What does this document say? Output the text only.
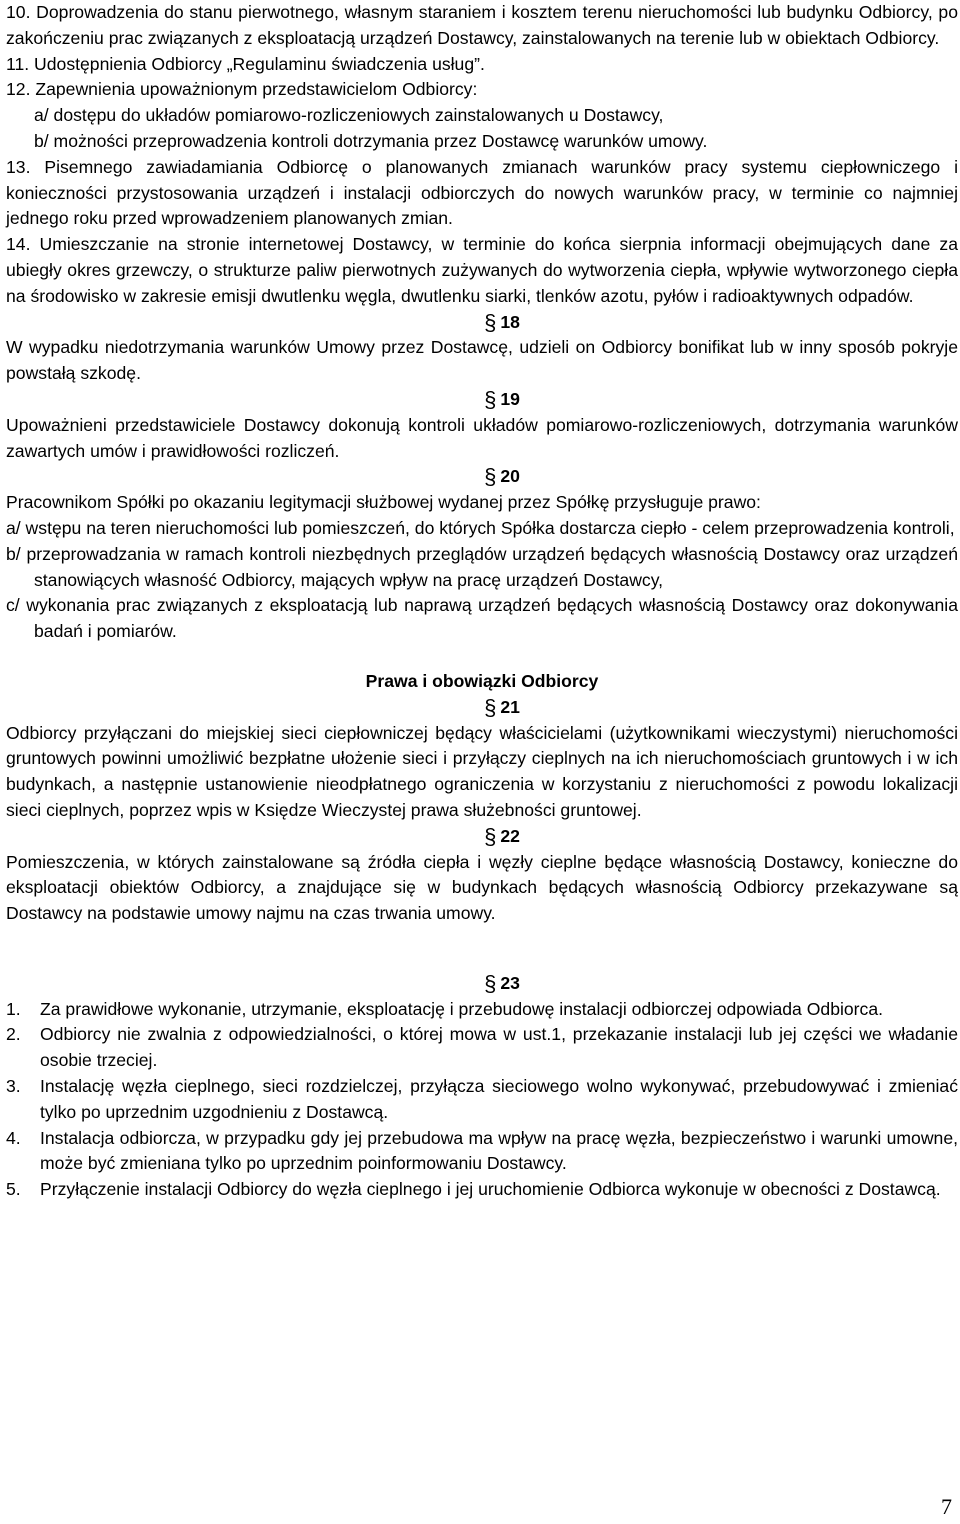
10. Doprowadzenia do stanu pierwotnego, własnym staraniem i kosztem terenu nieruchomości lub budynku Odbiorcy, po zakończeniu prac związanych z eksploatacją urządzeń Dostawcy, zainstalowanych na terenie lub w obiektach Odbiorcy.

11. Udostępnienia Odbiorcy „Regulaminu świadczenia usług”.

12. Zapewnienia upoważnionym przedstawicielom Odbiorcy:

a/ dostępu do układów pomiarowo-rozliczeniowych zainstalowanych u Dostawcy,

b/ możności przeprowadzenia kontroli dotrzymania przez Dostawcę warunków umowy.

13. Pisemnego zawiadamiania Odbiorcę o planowanych zmianach warunków pracy systemu ciepłowniczego i konieczności przystosowania urządzeń i instalacji odbiorczych do nowych warunków pracy, w terminie co najmniej jednego roku przed wprowadzeniem planowanych zmian.

14. Umieszczanie na stronie internetowej Dostawcy, w terminie do końca sierpnia informacji obejmujących dane za ubiegły okres grzewczy, o strukturze paliw pierwotnych zużywanych do wytworzenia ciepła, wpływie wytworzonego ciepła na środowisko w zakresie emisji dwutlenku węgla, dwutlenku siarki, tlenków azotu, pyłów i radioaktywnych odpadów.

§ 18

W wypadku niedotrzymania warunków Umowy przez Dostawcę, udzieli on Odbiorcy bonifikat lub w inny sposób pokryje powstałą szkodę.

§ 19

Upoważnieni przedstawiciele Dostawcy dokonują kontroli układów pomiarowo-rozliczeniowych, dotrzymania warunków zawartych umów i prawidłowości rozliczeń.

§ 20

Pracownikom Spółki po okazaniu legitymacji służbowej wydanej przez Spółkę przysługuje prawo:

a/ wstępu na teren nieruchomości lub pomieszczeń, do których Spółka dostarcza ciepło - celem przeprowadzenia kontroli,

b/ przeprowadzania w ramach kontroli niezbędnych przeglądów urządzeń będących własnością Dostawcy oraz urządzeń stanowiących własność Odbiorcy, mających wpływ na pracę urządzeń Dostawcy,

c/ wykonania prac związanych z eksploatacją lub naprawą urządzeń będących własnością Dostawcy oraz dokonywania badań i pomiarów.

Prawa i obowiązki Odbiorcy

§ 21

Odbiorcy przyłączani do miejskiej sieci ciepłowniczej będący właścicielami (użytkownikami wieczystymi) nieruchomości gruntowych powinni umożliwić bezpłatne ułożenie sieci i przyłączy cieplnych na ich nieruchomościach gruntowych i w ich budynkach, a następnie ustanowienie nieodpłatnego ograniczenia w korzystaniu z nieruchomości z powodu lokalizacji sieci cieplnych, poprzez wpis w Księdze Wieczystej prawa służebności gruntowej.

§ 22

Pomieszczenia, w których zainstalowane są źródła ciepła i węzły cieplne będące własnością Dostawcy, konieczne do eksploatacji obiektów Odbiorcy, a znajdujące się w budynkach będących własnością Odbiorcy przekazywane są Dostawcy na podstawie umowy najmu na czas trwania umowy.

§ 23

1. Za prawidłowe wykonanie, utrzymanie, eksploatację i przebudowę instalacji odbiorczej odpowiada Odbiorca.
2. Odbiorcy nie zwalnia z odpowiedzialności, o której mowa w ust.1, przekazanie instalacji lub jej części we władanie osobie trzeciej.
3. Instalację węzła cieplnego, sieci rozdzielczej, przyłącza sieciowego wolno wykonywać, przebudowywać i zmieniać tylko po uprzednim uzgodnieniu z Dostawcą.
4. Instalacja odbiorcza, w przypadku gdy jej przebudowa ma wpływ na pracę węzła, bezpieczeństwo i warunki umowne, może być zmieniana tylko po uprzednim poinformowaniu Dostawcy.
5. Przyłączenie instalacji Odbiorcy do węzła cieplnego i jej uruchomienie Odbiorca wykonuje w obecności z Dostawcą.
7
